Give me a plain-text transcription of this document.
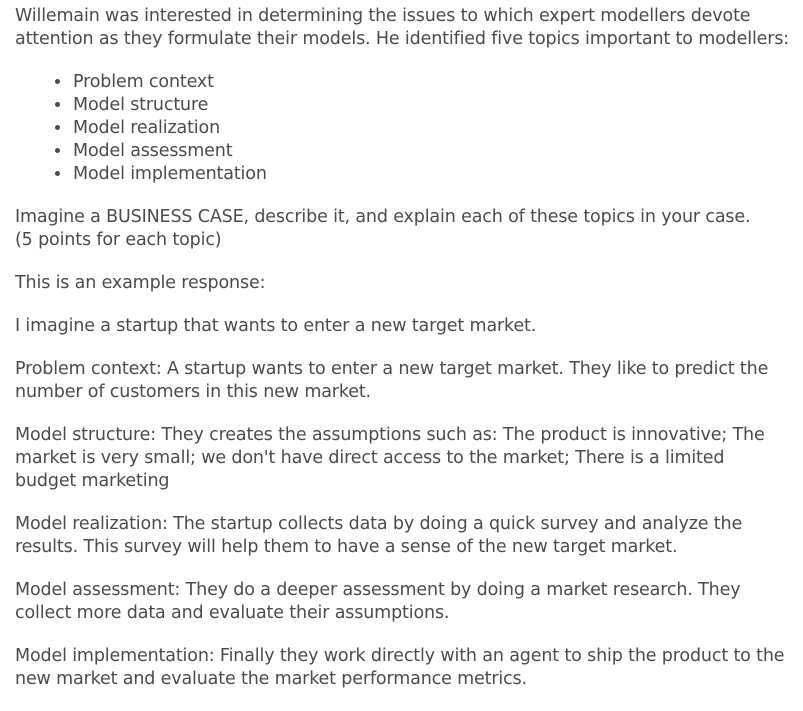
Willemain was interested in determining the issues to which expert modellers devote attention as they formulate their models. He identified five topics important to modellers:

• Problem context
• Model structure
• Model realization
• Model assessment
• Model implementation

Imagine a BUSINESS CASE, describe it, and explain each of these topics in your case.
(5 points for each topic)

This is an example response:

I imagine a startup that wants to enter a new target market.

Problem context: A startup wants to enter a new target market. They like to predict the number of customers in this new market.

Model structure: They creates the assumptions such as: The product is innovative; The market is very small; we don't have direct access to the market; There is a limited budget marketing

Model realization: The startup collects data by doing a quick survey and analyze the results. This survey will help them to have a sense of the new target market.

Model assessment: They do a deeper assessment by doing a market research. They collect more data and evaluate their assumptions.

Model implementation: Finally they work directly with an agent to ship the product to the new market and evaluate the market performance metrics.
